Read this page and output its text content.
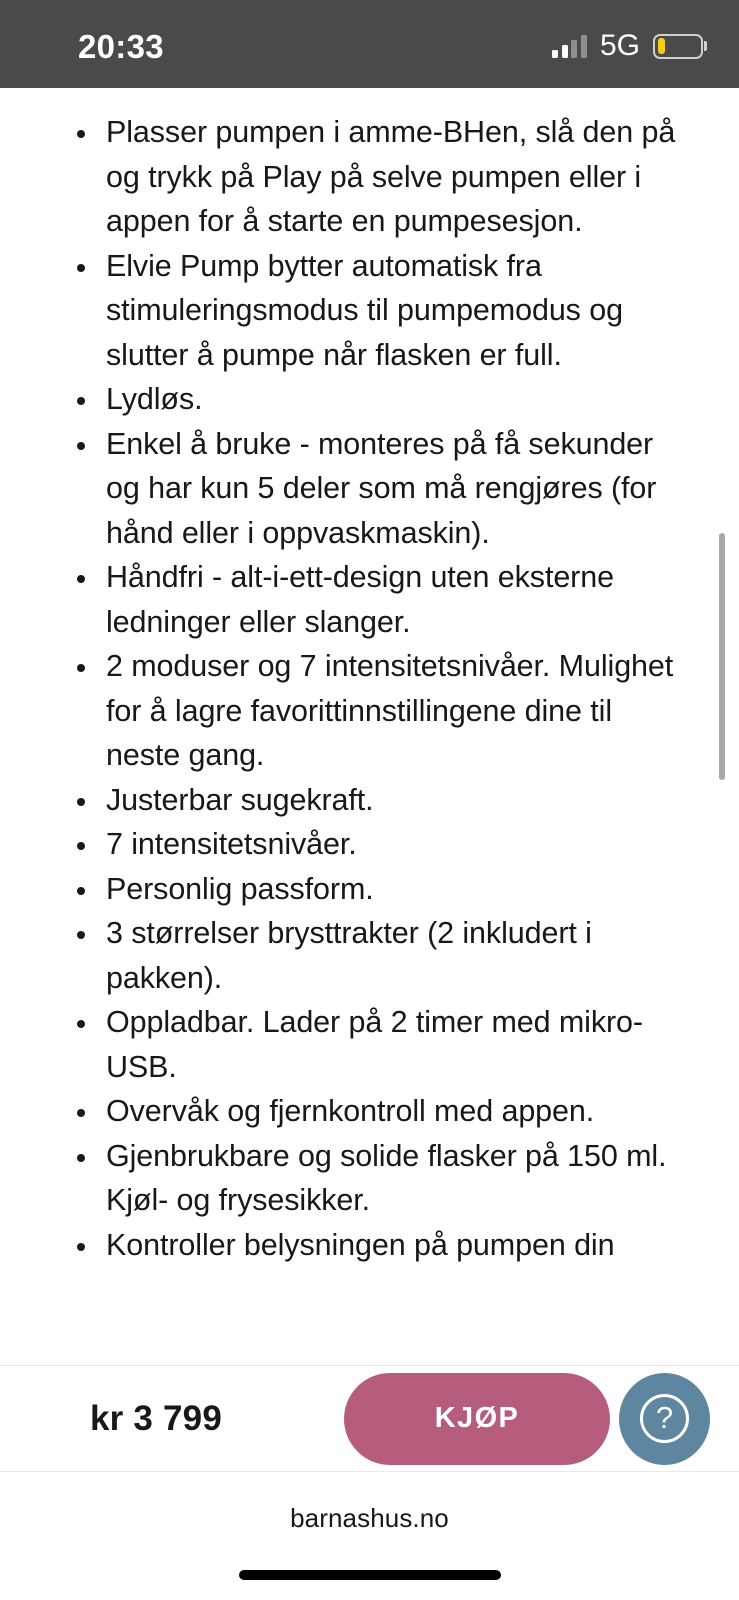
20:33	5G
Plasser pumpen i amme-BHen, slå den på og trykk på Play på selve pumpen eller i appen for å starte en pumpesesjon.
Elvie Pump bytter automatisk fra stimuleringsmodus til pumpemodus og slutter å pumpe når flasken er full.
Lydløs.
Enkel å bruke - monteres på få sekunder og har kun 5 deler som må rengjøres (for hånd eller i oppvaskmaskin).
Håndfri - alt-i-ett-design uten eksterne ledninger eller slanger.
2 moduser og 7 intensitetsnivåer. Mulighet for å lagre favorittinnstillingene dine til neste gang.
Justerbar sugekraft.
7 intensitetsnivåer.
Personlig passform.
3 størrelser brysttrakter (2 inkludert i pakken).
Oppladbar. Lader på 2 timer med mikro-USB.
Overvåk og fjernkontroll med appen.
Gjenbrukbare og solide flasker på 150 ml. Kjøl- og frysesikker.
Kontroller belysningen på pumpen din
kr 3 799	KJØP	?
barnashus.no
